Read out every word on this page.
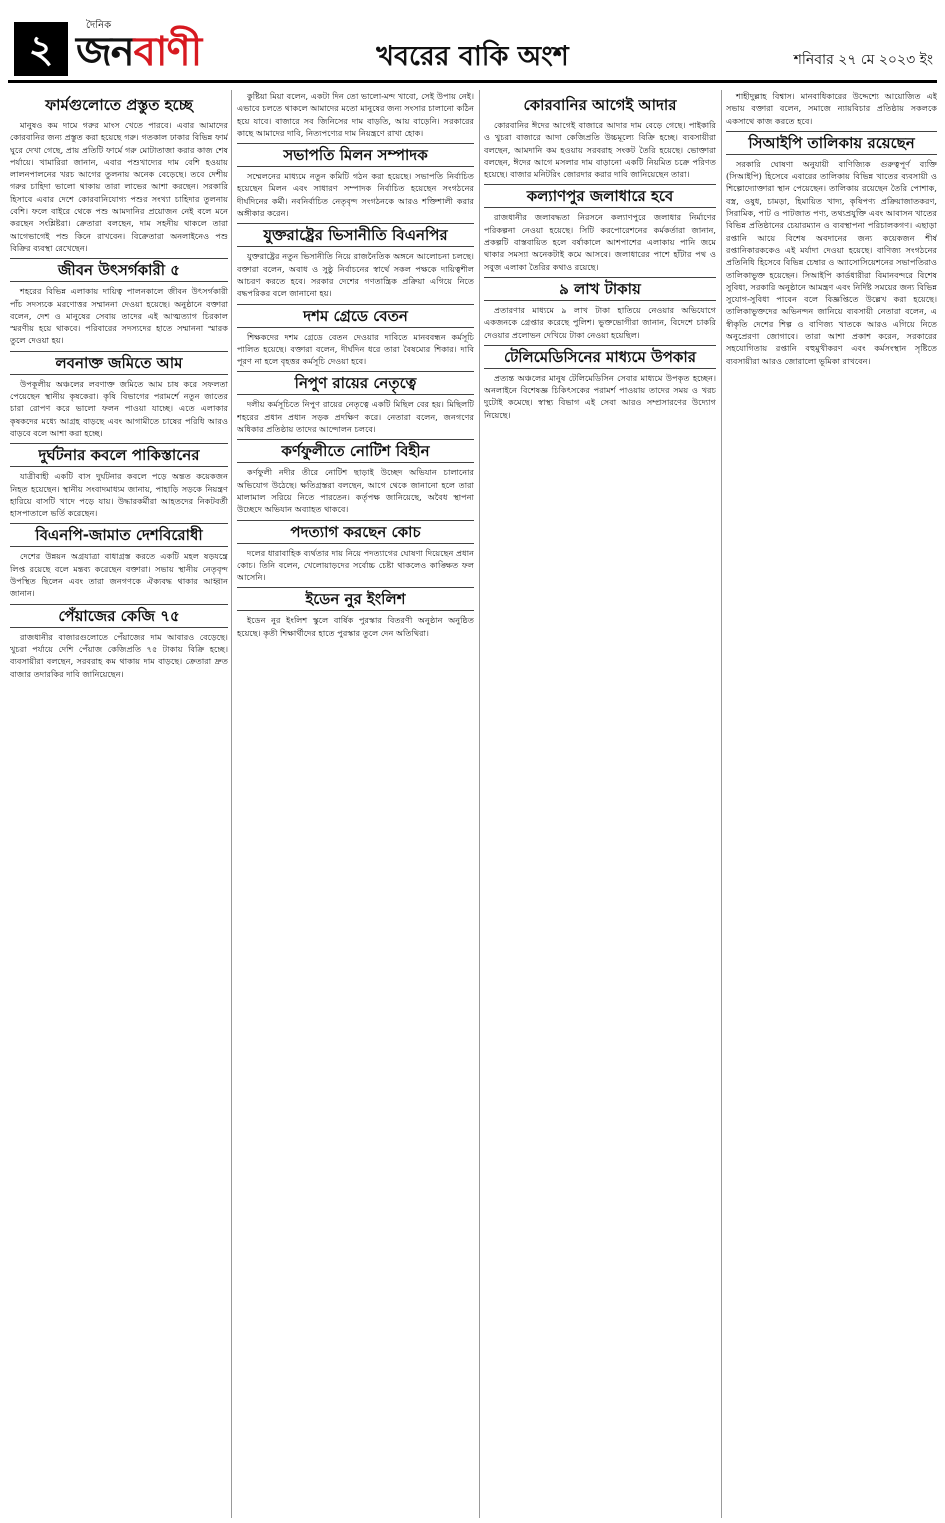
২
দৈনিক
জনবাণী	খবরের বাকি অংশ	শনিবার ২৭ মে ২০২৩ ইং
ফার্মগুলোতে প্রস্তুত হচ্ছে

মানুষও কম দামে গরুর মাংস খেতে পারবে। এবার আমাদের কোরবানির জন্য প্রস্তুত করা হয়েছে গরু। গতকাল ঢাকার বিভিন্ন ফার্ম ঘুরে দেখা গেছে, প্রায় প্রতিটি ফার্মে গরু মোটাতাজা করার কাজ শেষ পর্যায়ে। খামারিরা জানান, এবার পশুখাদ্যের দাম বেশি হওয়ায় লালনপালনের খরচ আগের তুলনায় অনেক বেড়েছে। তবে দেশীয় গরুর চাহিদা ভালো থাকায় তারা লাভের আশা করছেন। সরকারি হিসাবে এবার দেশে কোরবানিযোগ্য পশুর সংখ্যা চাহিদার তুলনায় বেশি। ফলে বাইরে থেকে পশু আমদানির প্রয়োজন নেই বলে মনে করছেন সংশ্লিষ্টরা। ক্রেতারা বলছেন, দাম সহনীয় থাকলে তারা আগেভাগেই পশু কিনে রাখবেন। বিক্রেতারা অনলাইনেও পশু বিক্রির ব্যবস্থা রেখেছেন।

জীবন উৎসর্গকারী ৫

শহরের বিভিন্ন এলাকায় দায়িত্ব পালনকালে জীবন উৎসর্গকারী পাঁচ সদস্যকে মরণোত্তর সম্মাননা দেওয়া হয়েছে। অনুষ্ঠানে বক্তারা বলেন, দেশ ও মানুষের সেবায় তাদের এই আত্মত্যাগ চিরকাল স্মরণীয় হয়ে থাকবে। পরিবারের সদস্যদের হাতে সম্মাননা স্মারক তুলে দেওয়া হয়।

লবনাক্ত জমিতে আম

উপকূলীয় অঞ্চলের লবণাক্ত জমিতে আম চাষ করে সফলতা পেয়েছেন স্থানীয় কৃষকেরা। কৃষি বিভাগের পরামর্শে নতুন জাতের চারা রোপণ করে ভালো ফলন পাওয়া যাচ্ছে। এতে এলাকার কৃষকদের মধ্যে আগ্রহ বাড়ছে এবং আগামীতে চাষের পরিধি আরও বাড়বে বলে আশা করা হচ্ছে।

দুর্ঘটনার কবলে পাকিস্তানের

যাত্রীবাহী একটি বাস দুর্ঘটনার কবলে পড়ে অন্তত কয়েকজন নিহত হয়েছেন। স্থানীয় সংবাদমাধ্যম জানায়, পাহাড়ি সড়কে নিয়ন্ত্রণ হারিয়ে বাসটি খাদে পড়ে যায়। উদ্ধারকর্মীরা আহতদের নিকটবর্তী হাসপাতালে ভর্তি করেছেন।

বিএনপি-জামাত দেশবিরোধী

দেশের উন্নয়ন অগ্রযাত্রা বাধাগ্রস্ত করতে একটি মহল ষড়যন্ত্রে লিপ্ত রয়েছে বলে মন্তব্য করেছেন বক্তারা। সভায় স্থানীয় নেতৃবৃন্দ উপস্থিত ছিলেন এবং তারা জনগণকে ঐক্যবদ্ধ থাকার আহ্বান জানান।

পেঁয়াজের কেজি ৭৫

রাজধানীর বাজারগুলোতে পেঁয়াজের দাম আবারও বেড়েছে। খুচরা পর্যায়ে দেশি পেঁয়াজ কেজিপ্রতি ৭৫ টাকায় বিক্রি হচ্ছে। ব্যবসায়ীরা বলছেন, সরবরাহ কম থাকায় দাম বাড়ছে। ক্রেতারা দ্রুত বাজার তদারকির দাবি জানিয়েছেন।

কুষ্টিয়া মিয়া বলেন, একটা দিন তো ভালো-মন্দ খাবো, সেই উপায় নেই। এভাবে চলতে থাকলে আমাদের মতো মানুষের জন্য সংসার চালানো কঠিন হয়ে যাবে। বাজারে সব জিনিসের দাম বাড়তি, আয় বাড়েনি। সরকারের কাছে আমাদের দাবি, নিত্যপণ্যের দাম নিয়ন্ত্রণে রাখা হোক।

সভাপতি মিলন সম্পাদক

সম্মেলনের মাধ্যমে নতুন কমিটি গঠন করা হয়েছে। সভাপতি নির্বাচিত হয়েছেন মিলন এবং সাধারণ সম্পাদক নির্বাচিত হয়েছেন সংগঠনের দীর্ঘদিনের কর্মী। নবনির্বাচিত নেতৃবৃন্দ সংগঠনকে আরও শক্তিশালী করার অঙ্গীকার করেন।

যুক্তরাষ্ট্রের ভিসানীতি বিএনপির

যুক্তরাষ্ট্রের নতুন ভিসানীতি নিয়ে রাজনৈতিক অঙ্গনে আলোচনা চলছে। বক্তারা বলেন, অবাধ ও সুষ্ঠু নির্বাচনের স্বার্থে সকল পক্ষকে দায়িত্বশীল আচরণ করতে হবে। সরকার দেশের গণতান্ত্রিক প্রক্রিয়া এগিয়ে নিতে বদ্ধপরিকর বলে জানানো হয়।

দশম গ্রেডে বেতন

শিক্ষকদের দশম গ্রেডে বেতন দেওয়ার দাবিতে মানববন্ধন কর্মসূচি পালিত হয়েছে। বক্তারা বলেন, দীর্ঘদিন ধরে তারা বৈষম্যের শিকার। দাবি পূরণ না হলে বৃহত্তর কর্মসূচি দেওয়া হবে।

নিপুণ রায়ের নেতৃত্বে

দলীয় কর্মসূচিতে নিপুণ রায়ের নেতৃত্বে একটি মিছিল বের হয়। মিছিলটি শহরের প্রধান প্রধান সড়ক প্রদক্ষিণ করে। নেতারা বলেন, জনগণের অধিকার প্রতিষ্ঠায় তাদের আন্দোলন চলবে।

কর্ণফুলীতে নোটিশ বিহীন

কর্ণফুলী নদীর তীরে নোটিশ ছাড়াই উচ্ছেদ অভিযান চালানোর অভিযোগ উঠেছে। ক্ষতিগ্রস্তরা বলছেন, আগে থেকে জানানো হলে তারা মালামাল সরিয়ে নিতে পারতেন। কর্তৃপক্ষ জানিয়েছে, অবৈধ স্থাপনা উচ্ছেদে অভিযান অব্যাহত থাকবে।

পদত্যাগ করছেন কোচ

দলের ধারাবাহিক ব্যর্থতার দায় নিয়ে পদত্যাগের ঘোষণা দিয়েছেন প্রধান কোচ। তিনি বলেন, খেলোয়াড়দের সর্বোচ্চ চেষ্টা থাকলেও কাঙ্ক্ষিত ফল আসেনি।

ইডেন নুর ইংলিশ

ইডেন নুর ইংলিশ স্কুলে বার্ষিক পুরস্কার বিতরণী অনুষ্ঠান অনুষ্ঠিত হয়েছে। কৃতী শিক্ষার্থীদের হাতে পুরস্কার তুলে দেন অতিথিরা।

কোরবানির আগেই আদার

কোরবানির ঈদের আগেই বাজারে আদার দাম বেড়ে গেছে। পাইকারি ও খুচরা বাজারে আদা কেজিপ্রতি উচ্চমূল্যে বিক্রি হচ্ছে। ব্যবসায়ীরা বলছেন, আমদানি কম হওয়ায় সরবরাহ সংকট তৈরি হয়েছে। ভোক্তারা বলছেন, ঈদের আগে মসলার দাম বাড়ানো একটি নিয়মিত চক্রে পরিণত হয়েছে। বাজার মনিটরিং জোরদার করার দাবি জানিয়েছেন তারা।

কল্যাণপুর জলাধারে হবে

রাজধানীর জলাবদ্ধতা নিরসনে কল্যাণপুরে জলাধার নির্মাণের পরিকল্পনা নেওয়া হয়েছে। সিটি করপোরেশনের কর্মকর্তারা জানান, প্রকল্পটি বাস্তবায়িত হলে বর্ষাকালে আশপাশের এলাকায় পানি জমে থাকার সমস্যা অনেকটাই কমে আসবে। জলাধারের পাশে হাঁটার পথ ও সবুজ এলাকা তৈরির কথাও রয়েছে।

৯ লাখ টাকায়

প্রতারণার মাধ্যমে ৯ লাখ টাকা হাতিয়ে নেওয়ার অভিযোগে একজনকে গ্রেপ্তার করেছে পুলিশ। ভুক্তভোগীরা জানান, বিদেশে চাকরি দেওয়ার প্রলোভন দেখিয়ে টাকা নেওয়া হয়েছিল।

টেলিমেডিসিনের মাধ্যমে উপকার

প্রত্যন্ত অঞ্চলের মানুষ টেলিমেডিসিন সেবার মাধ্যমে উপকৃত হচ্ছেন। অনলাইনে বিশেষজ্ঞ চিকিৎসকের পরামর্শ পাওয়ায় তাদের সময় ও খরচ দুটোই কমেছে। স্বাস্থ্য বিভাগ এই সেবা আরও সম্প্রসারণের উদ্যোগ নিয়েছে।

শাহীদুল্লাহ বিশ্বাস। মানবাধিকারের উদ্দেশ্যে আয়োজিত এই সভায় বক্তারা বলেন, সমাজে ন্যায়বিচার প্রতিষ্ঠায় সকলকে একসাথে কাজ করতে হবে।

সিআইপি তালিকায় রয়েছেন

সরকারি ঘোষণা অনুযায়ী বাণিজ্যিক গুরুত্বপূর্ণ ব্যক্তি (সিআইপি) হিসেবে এবারের তালিকায় বিভিন্ন খাতের ব্যবসায়ী ও শিল্পোদ্যোক্তারা স্থান পেয়েছেন। তালিকায় রয়েছেন তৈরি পোশাক, বস্ত্র, ওষুধ, চামড়া, হিমায়িত খাদ্য, কৃষিপণ্য প্রক্রিয়াজাতকরণ, সিরামিক, পাট ও পাটজাত পণ্য, তথ্যপ্রযুক্তি এবং আবাসন খাতের বিভিন্ন প্রতিষ্ঠানের চেয়ারম্যান ও ব্যবস্থাপনা পরিচালকগণ। এছাড়া রপ্তানি আয়ে বিশেষ অবদানের জন্য কয়েকজন শীর্ষ রপ্তানিকারককেও এই মর্যাদা দেওয়া হয়েছে। বাণিজ্য সংগঠনের প্রতিনিধি হিসেবে বিভিন্ন চেম্বার ও অ্যাসোসিয়েশনের সভাপতিরাও তালিকাভুক্ত হয়েছেন। সিআইপি কার্ডধারীরা বিমানবন্দরে বিশেষ সুবিধা, সরকারি অনুষ্ঠানে আমন্ত্রণ এবং নির্দিষ্ট সময়ের জন্য বিভিন্ন সুযোগ-সুবিধা পাবেন বলে বিজ্ঞপ্তিতে উল্লেখ করা হয়েছে। তালিকাভুক্তদের অভিনন্দন জানিয়ে ব্যবসায়ী নেতারা বলেন, এ স্বীকৃতি দেশের শিল্প ও বাণিজ্য খাতকে আরও এগিয়ে নিতে অনুপ্রেরণা জোগাবে। তারা আশা প্রকাশ করেন, সরকারের সহযোগিতায় রপ্তানি বহুমুখীকরণ এবং কর্মসংস্থান সৃষ্টিতে ব্যবসায়ীরা আরও জোরালো ভূমিকা রাখবেন।
